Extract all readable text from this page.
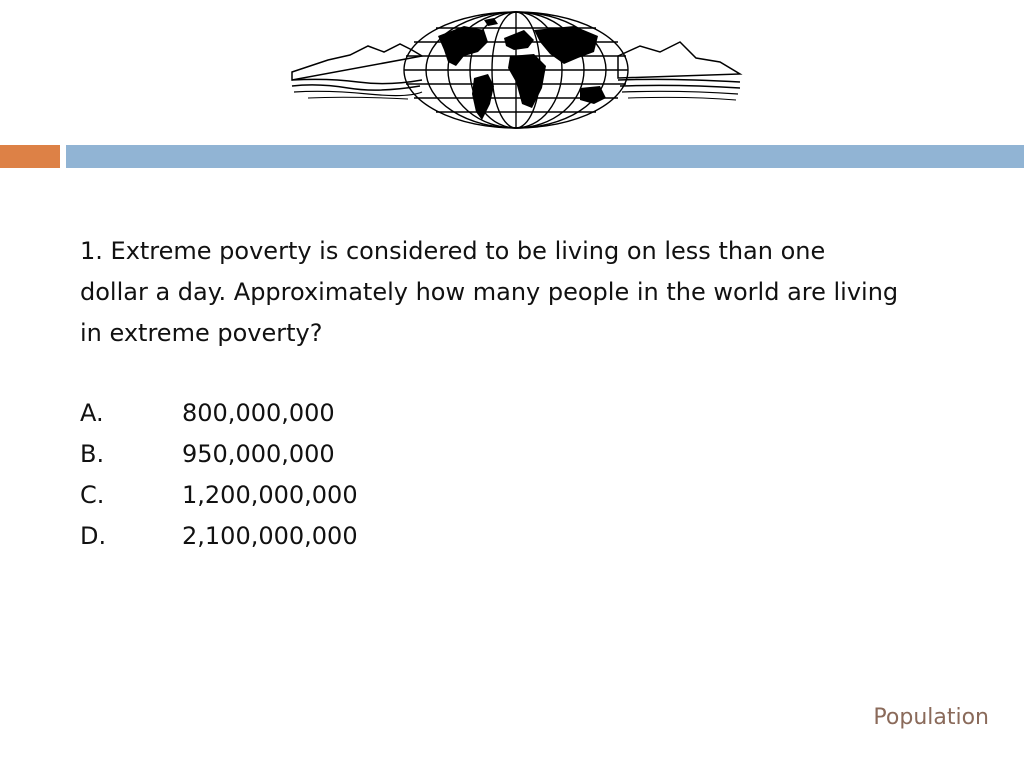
1. Extreme poverty is considered to be living on less than one dollar a day. Approximately how many people in the world are living in extreme poverty?

A.	800,000,000
B.	950,000,000
C.	1,200,000,000
D.	2,100,000,000
Population
